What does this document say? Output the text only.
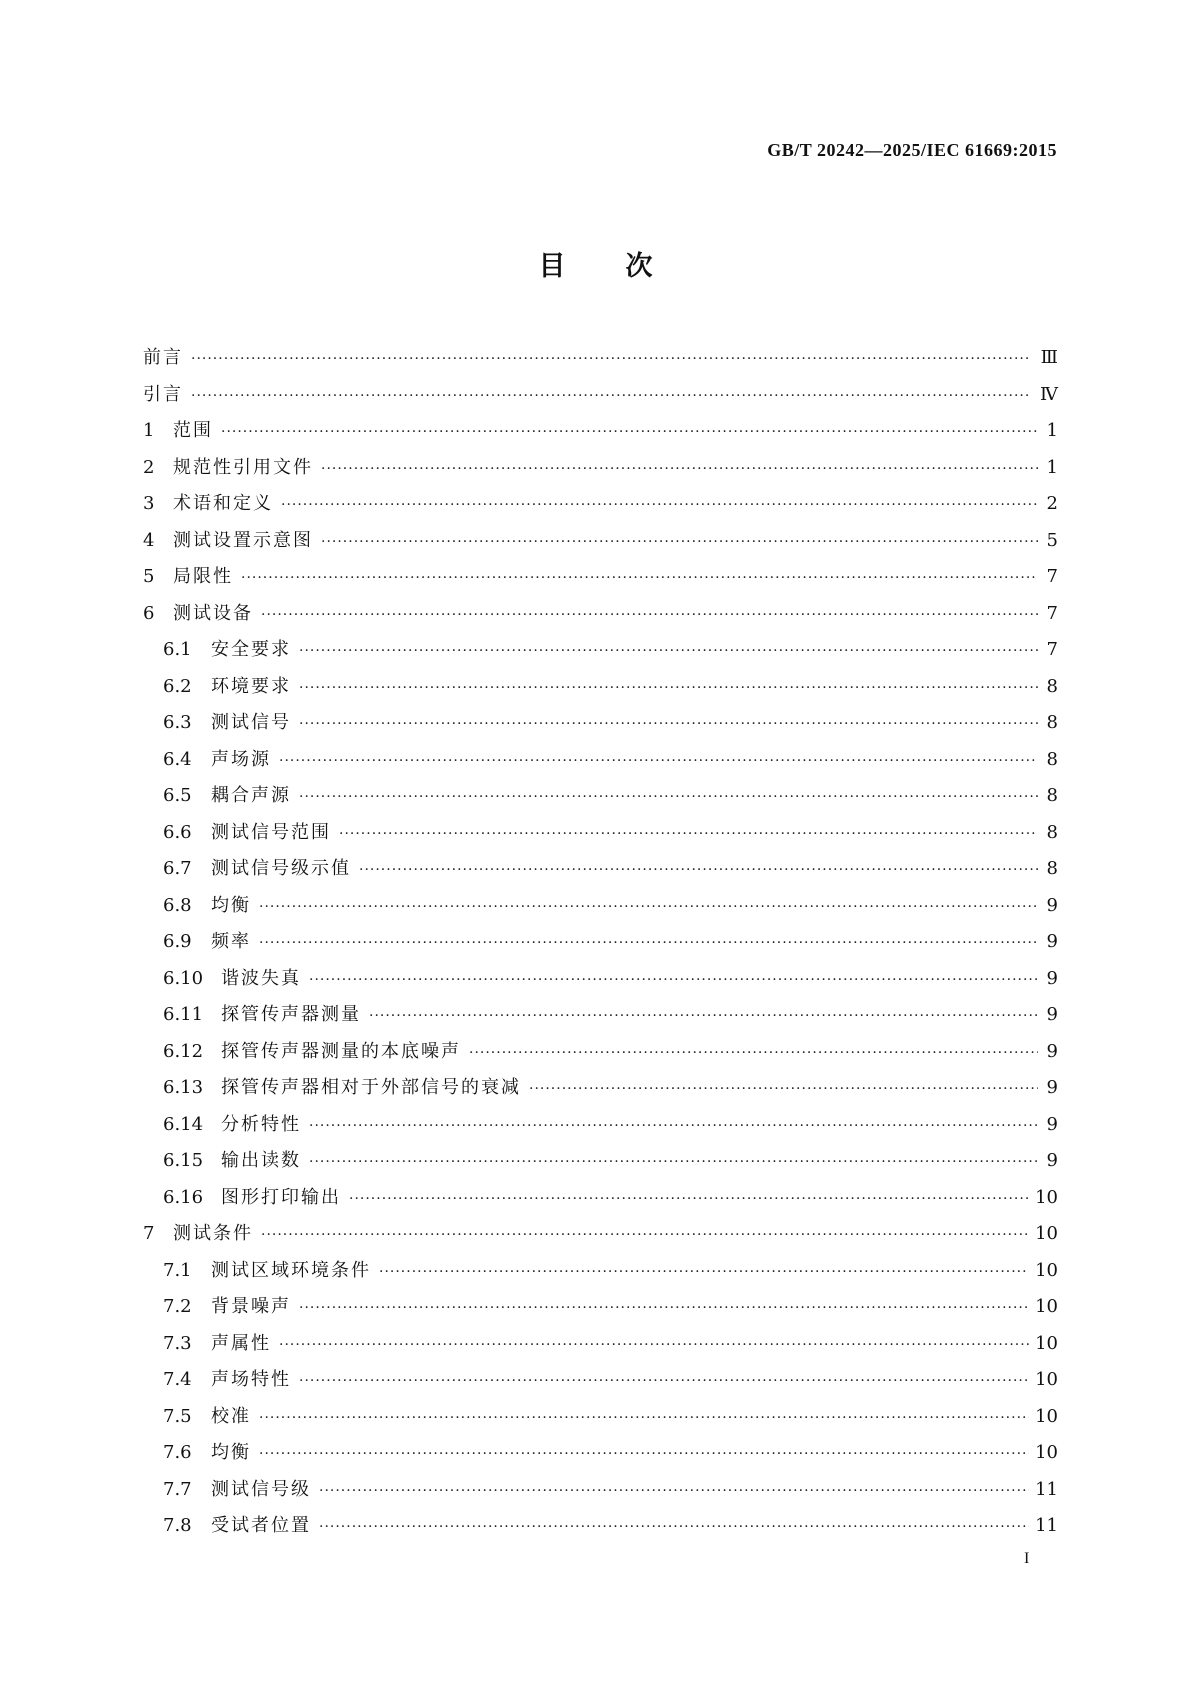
GB/T 20242—2025/IEC 61669:2015
目次
前言 ·····	Ⅲ
引言 ·····	Ⅳ
1	范围 ·····	1
2	规范性引用文件 ·····	1
3	术语和定义 ·····	2
4	测试设置示意图 ·····	5
5	局限性 ·····	7
6	测试设备 ·····	7
6.1	安全要求 ·····	7
6.2	环境要求 ·····	8
6.3	测试信号 ·····	8
6.4	声场源 ·····	8
6.5	耦合声源 ·····	8
6.6	测试信号范围 ·····	8
6.7	测试信号级示值 ·····	8
6.8	均衡 ·····	9
6.9	频率 ·····	9
6.10 谐波失真 ·····	9
6.11 探管传声器测量 ·····	9
6.12 探管传声器测量的本底噪声 ·····	9
6.13 探管传声器相对于外部信号的衰减 ·····	9
6.14 分析特性 ·····	9
6.15 输出读数 ·····	9
6.16 图形打印输出 ·····	10
7	测试条件 ·····	10
7.1	测试区域环境条件 ·····	10
7.2	背景噪声 ·····	10
7.3	声属性 ·····	10
7.4	声场特性 ·····	10
7.5	校准 ·····	10
7.6	均衡 ·····	10
7.7	测试信号级 ·····	11
7.8	受试者位置 ·····	11
I
